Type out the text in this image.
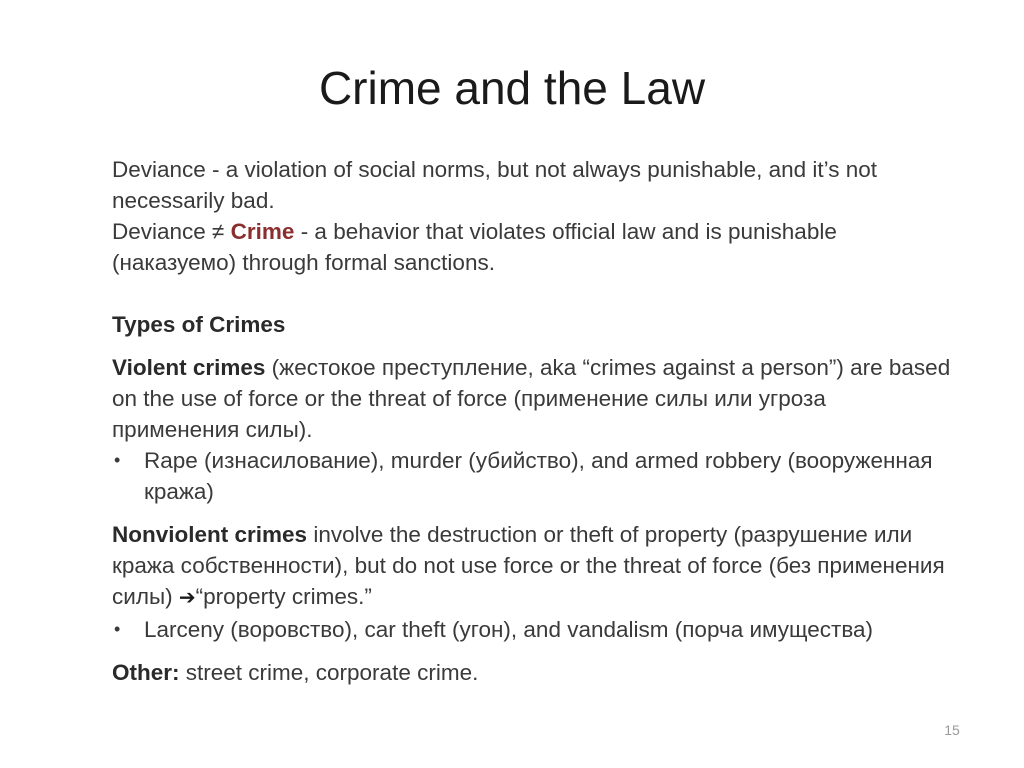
Crime and the Law

Deviance - a violation of social norms, but not always punishable, and it’s not necessarily bad.

Deviance ≠ Crime - a behavior that violates official law and is punishable (наказуемо) through formal sanctions.

Types of Crimes

Violent crimes (жестокое преступление, aka “crimes against a person”) are based on the use of force or the threat of force (применение силы или угроза применения силы).

• Rape (изнасилование), murder (убийство), and armed robbery (вооруженная кража)

Nonviolent crimes involve the destruction or theft of property (разрушение или кража собственности), but do not use force or the threat of force (без применения силы) ➔“property crimes.”

• Larceny (воровство), car theft (угон), and vandalism (порча имущества)

Other: street crime, corporate crime.

15
